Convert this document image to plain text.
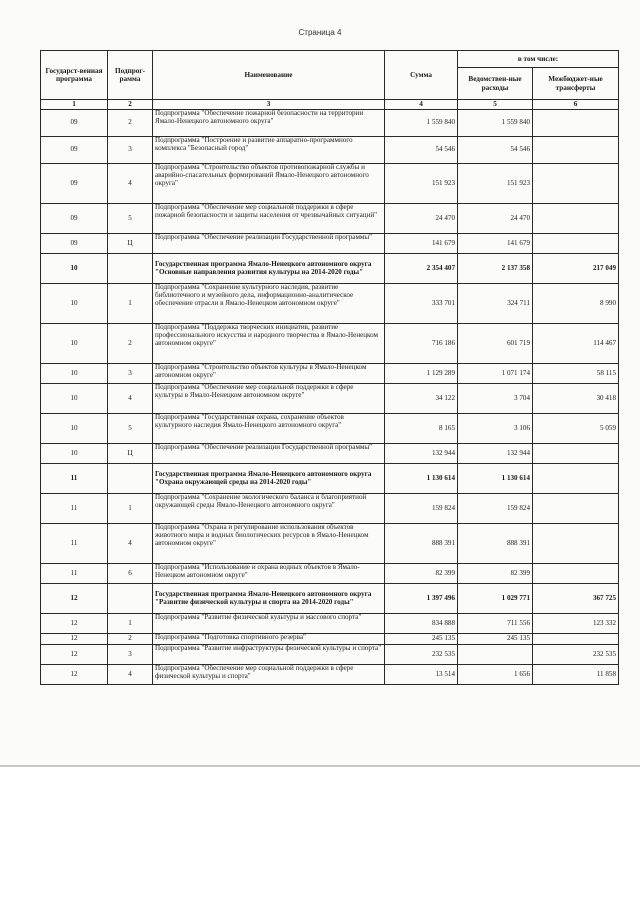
Страница 4
Государст-венная программа	Подпрог-рамма	Наименование	Сумма	в том числе:	
				Ведомствен-ные расходы	Межбюджет-ные трансферты
1	2	3	4	5	6
09	2	Подпрограмма "Обеспечение пожарной безопасности на территории Ямало-Ненецкого автономного округа"	1 559 840	1 559 840	
09	3	Подпрограмма "Построение и развитие аппаратно-программного комплекса "Безопасный город"	54 546	54 546	
09	4	Подпрограмма "Строительство объектов противопожарной службы и аварийно-спасательных формирований Ямало-Ненецкого автономного округа"	151 923	151 923	
09	5	Подпрограмма "Обеспечение мер социальной поддержки в сфере пожарной безопасности и защиты населения от чрезвычайных ситуаций"	24 470	24 470	
09	Ц	Подпрограмма "Обеспечение реализации Государственной программы"	141 679	141 679	
10		Государственная программа Ямало-Ненецкого автономного округа "Основные направления развития культуры на 2014-2020 годы"	2 354 407	2 137 358	217 049
10	1	Подпрограмма "Сохранение культурного наследия, развитие библиотечного и музейного дела, информационно-аналитическое обеспечение отрасли в Ямало-Ненецком автономном округе"	333 701	324 711	8 990
10	2	Подпрограмма "Поддержка творческих инициатив, развитие профессионального искусства и народного творчества в Ямало-Ненецком автономном округе"	716 186	601 719	114 467
10	3	Подпрограмма "Строительство объектов культуры в Ямало-Ненецком автономном округе"	1 129 289	1 071 174	58 115
10	4	Подпрограмма "Обеспечение мер социальной поддержки в сфере культуры в Ямало-Ненецком автономном округе"	34 122	3 704	30 418
10	5	Подпрограмма "Государственная охрана, сохранение объектов культурного наследия Ямало-Ненецкого автономного округа"	8 165	3 106	5 059
10	Ц	Подпрограмма "Обеспечение реализации Государственной программы"	132 944	132 944	
11		Государственная программа Ямало-Ненецкого автономного округа "Охрана окружающей среды на 2014-2020 годы"	1 130 614	1 130 614	
11	1	Подпрограмма "Сохранение экологического баланса и благоприятной окружающей среды Ямало-Ненецкого автономного округа"	159 824	159 824	
11	4	Подпрограмма "Охрана и регулирование использования объектов животного мира и водных биологических ресурсов в Ямало-Ненецком автономном округе"	888 391	888 391	
11	6	Подпрограмма "Использование и охрана водных объектов в Ямало-Ненецком автономном округе"	82 399	82 399	
12		Государственная программа Ямало-Ненецкого автономного округа "Развитие физической культуры и спорта на 2014-2020 годы"	1 397 496	1 029 771	367 725
12	1	Подпрограмма "Развитие физической культуры и массового спорта"	834 888	711 556	123 332
12	2	Подпрограмма "Подготовка спортивного резерва"	245 135	245 135	
12	3	Подпрограмма "Развитие инфраструктуры физической культуры и спорта"	232 535		232 535
12	4	Подпрограмма "Обеспечение мер социальной поддержки в сфере физической культуры и спорта"	13 514	1 656	11 858
